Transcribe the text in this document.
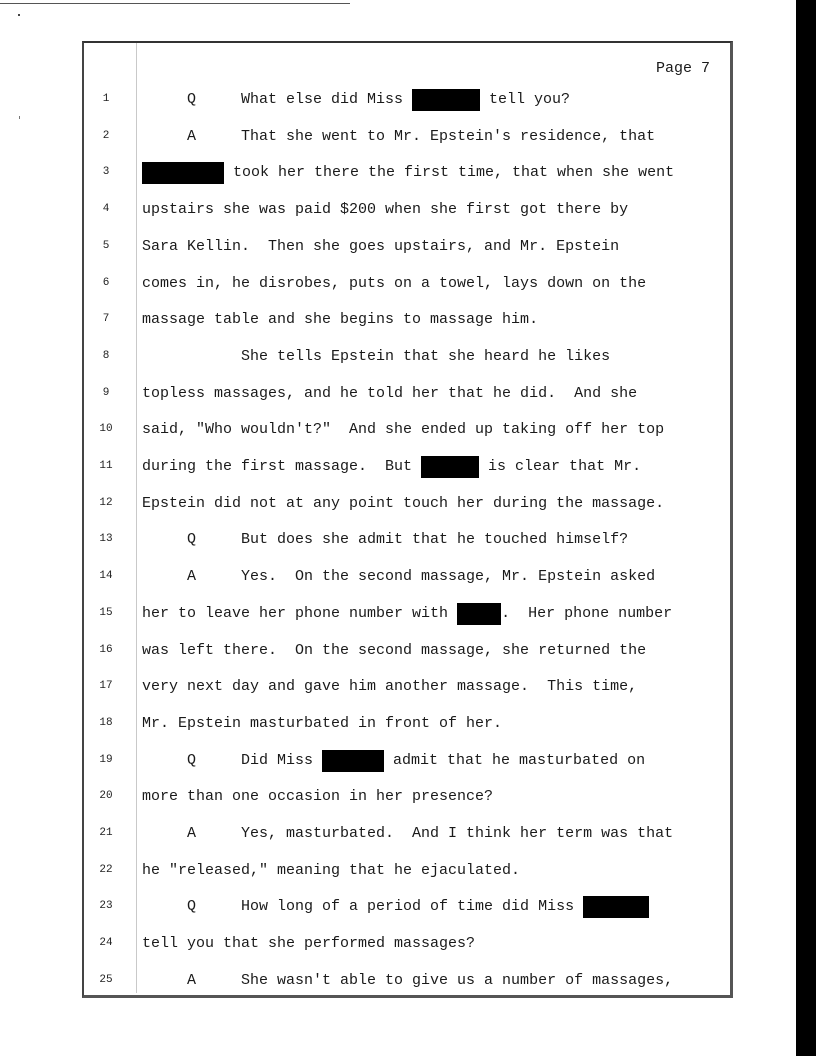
Page 7
1	Q     What else did Miss	tell you?
2	A     That she went to Mr. Epstein's residence, that
3	took her there the first time, that when she went
4	upstairs she was paid $200 when she first got there by
5	Sara Kellin.  Then she goes upstairs, and Mr. Epstein
6	comes in, he disrobes, puts on a towel, lays down on the
7	massage table and she begins to massage him.
8	She tells Epstein that she heard he likes
9	topless massages, and he told her that he did.  And she
10 said, "Who wouldn't?"  And she ended up taking off her top
11 during the first massage.  But	is clear that Mr.
12 Epstein did not at any point touch her during the massage.
13 Q     But does she admit that he touched himself?
14 A     Yes.  On the second massage, Mr. Epstein asked
15 her to leave her phone number with	.  Her phone number
16 was left there.  On the second massage, she returned the
17 very next day and gave him another massage.  This time,
18 Mr. Epstein masturbated in front of her.
19 Q     Did Miss	admit that he masturbated on
20 more than one occasion in her presence?
21 A     Yes, masturbated.  And I think her term was that
22 he "released," meaning that he ejaculated.
23 Q     How long of a period of time did Miss
24 tell you that she performed massages?
25 A     She wasn't able to give us a number of massages,
